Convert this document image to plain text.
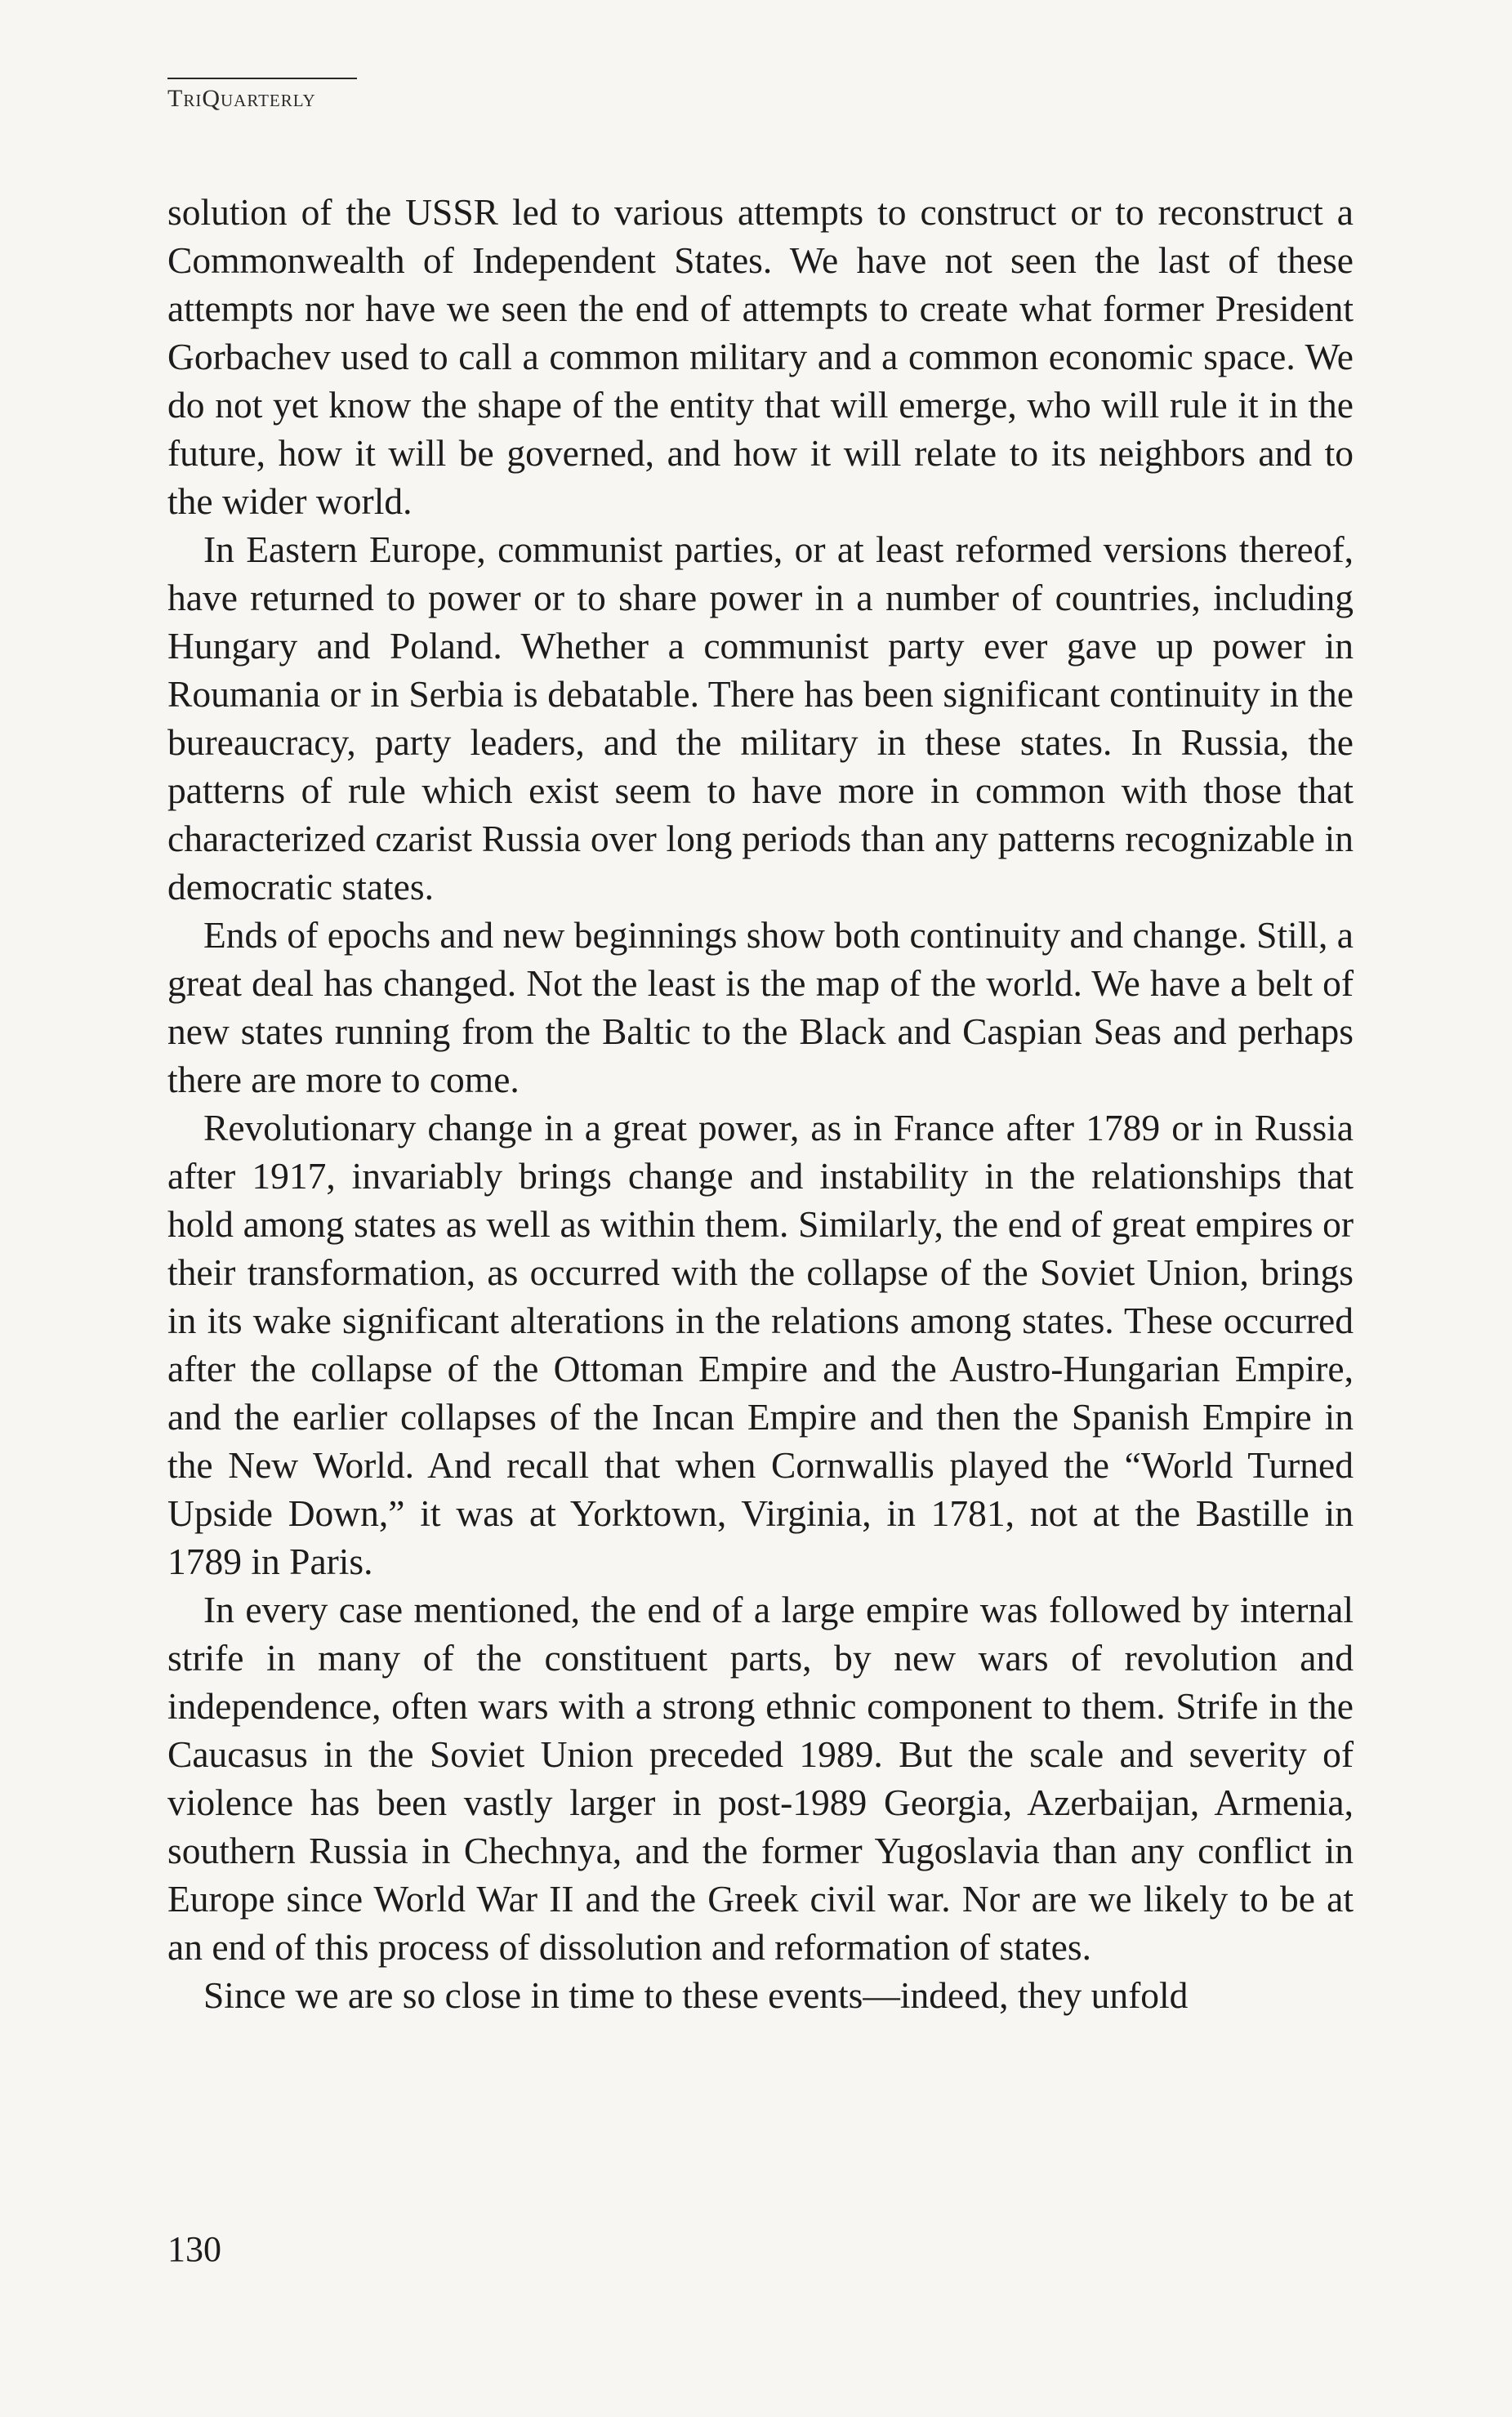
TriQuarterly

solution of the USSR led to various attempts to construct or to reconstruct a Commonwealth of Independent States. We have not seen the last of these attempts nor have we seen the end of attempts to create what former President Gorbachev used to call a common military and a common economic space. We do not yet know the shape of the entity that will emerge, who will rule it in the future, how it will be governed, and how it will relate to its neighbors and to the wider world.

In Eastern Europe, communist parties, or at least reformed versions thereof, have returned to power or to share power in a number of countries, including Hungary and Poland. Whether a communist party ever gave up power in Roumania or in Serbia is debatable. There has been significant continuity in the bureaucracy, party leaders, and the military in these states. In Russia, the patterns of rule which exist seem to have more in common with those that characterized czarist Russia over long periods than any patterns recognizable in democratic states.

Ends of epochs and new beginnings show both continuity and change. Still, a great deal has changed. Not the least is the map of the world. We have a belt of new states running from the Baltic to the Black and Caspian Seas and perhaps there are more to come.

Revolutionary change in a great power, as in France after 1789 or in Russia after 1917, invariably brings change and instability in the relationships that hold among states as well as within them. Similarly, the end of great empires or their transformation, as occurred with the collapse of the Soviet Union, brings in its wake significant alterations in the relations among states. These occurred after the collapse of the Ottoman Empire and the Austro-Hungarian Empire, and the earlier collapses of the Incan Empire and then the Spanish Empire in the New World. And recall that when Cornwallis played the “World Turned Upside Down,” it was at Yorktown, Virginia, in 1781, not at the Bastille in 1789 in Paris.

In every case mentioned, the end of a large empire was followed by internal strife in many of the constituent parts, by new wars of revolution and independence, often wars with a strong ethnic component to them. Strife in the Caucasus in the Soviet Union preceded 1989. But the scale and severity of violence has been vastly larger in post-1989 Georgia, Azerbaijan, Armenia, southern Russia in Chechnya, and the former Yugoslavia than any conflict in Europe since World War II and the Greek civil war. Nor are we likely to be at an end of this process of dissolution and reformation of states.

Since we are so close in time to these events—indeed, they unfold

130
